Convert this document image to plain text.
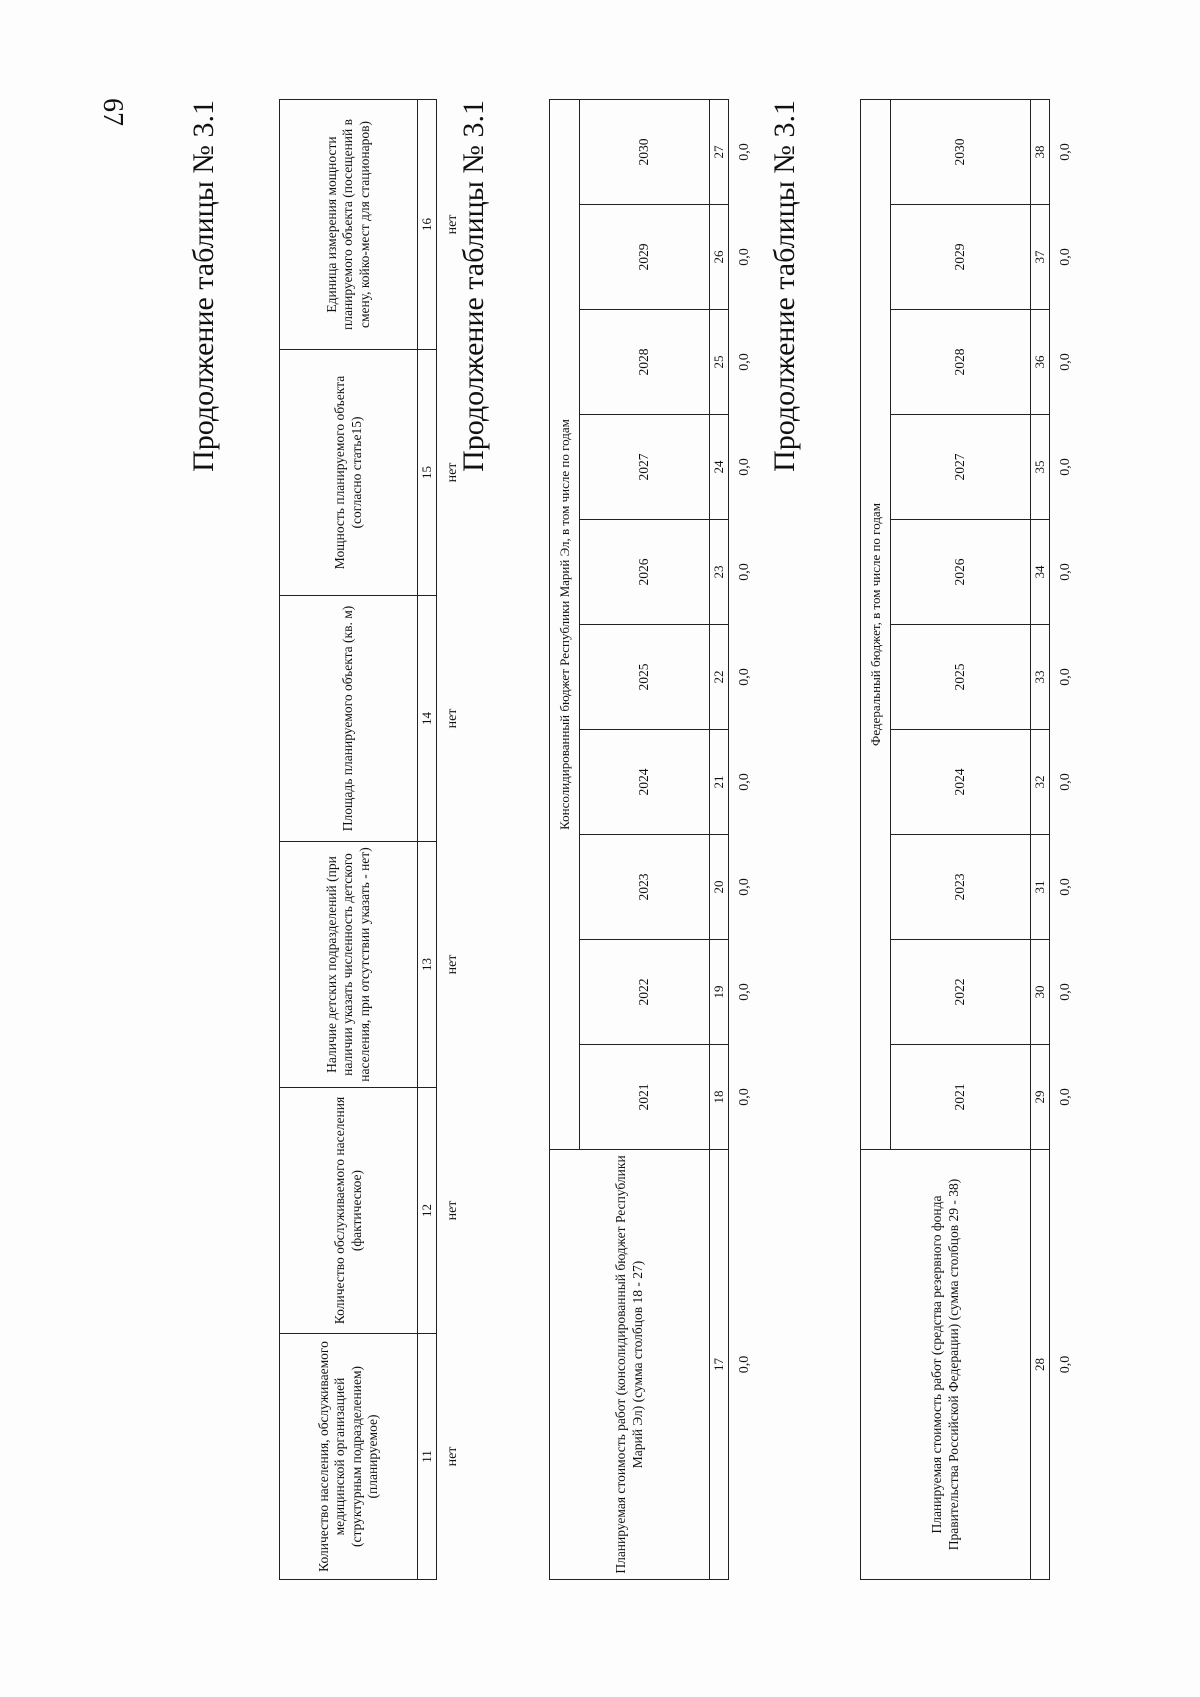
67 Продолжение таблицы № 3.1
Количество населения, обслуживаемого медицинской организацией (структурным подразделением) (планируемое)	Количество обслуживаемого населения (фактическое)	Наличие детских подразделений (при наличии указать численность детского населения, при отсутствии указать - нет)	Площадь планируемого объекта (кв. м)	Мощность планируемого объекта (согласно статье15)	Единица измерения мощности планируемого объекта (посещений в смену, койко-мест для стационаров)
11	12	13	14	15	16
нет	нет	нет	нет	нет	нет
Продолжение таблицы № 3.1
Планируемая стоимость работ (консолидированный бюджет Республики Марий Эл) (сумма столбцов 18 - 27)	Консолидированный бюджет Республики Марий Эл, в том числе по годам									
	2021	2022	2023	2024	2025	2026	2027	2028	2029	2030
17	18	19	20	21	22	23	24	25	26	27
0,0	0,0	0,0	0,0	0,0	0,0	0,0	0,0	0,0	0,0	0,0 Продолжение таблицы № 3.1
Планируемая стоимость работ (средства резервного фонда Правительства Российской Федерации) (сумма столбцов 29 - 38)	Федеральный бюджет, в том числе по годам									
	2021	2022	2023	2024	2025	2026	2027	2028	2029	2030
28	29	30	31	32	33	34	35	36	37	38
0,0	0,0	0,0	0,0	0,0	0,0	0,0	0,0	0,0	0,0	0,0
